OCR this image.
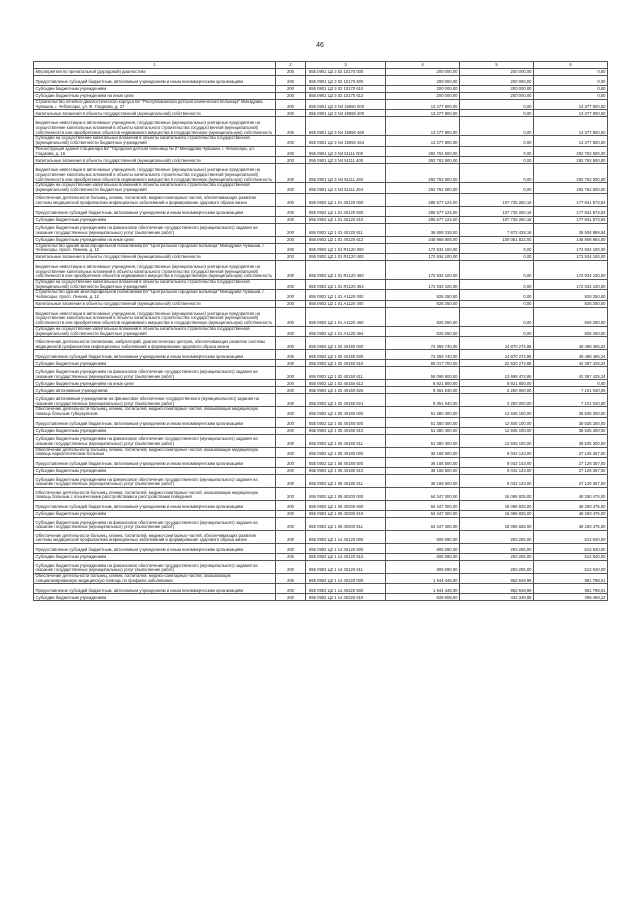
46
1	2	3	4	5	6
Мероприятия по пренатальной (дородовой) диагностике	200	855 0901 Ц2 3 02 10170 000	200 000,00	200 000,00	0,00
Предоставление субсидий бюджетным, автономным учреждениям и иным некоммерческим организациям	200	855 0901 Ц2 3 02 10170 600	200 000,00	200 000,00	0,00
Субсидии бюджетным учреждениям	200	855 0901 Ц2 3 02 10170 610	200 000,00	200 000,00	0,00
Субсидии бюджетным учреждениям на иные цели	200	855 0901 Ц2 3 02 10170 612	200 000,00	200 000,00	0,00
Строительство лечебно-диагностического корпуса БУ "Республиканская детская клиническая больница" Минздрава Чувашии, г. Чебоксары, ул. Ф. Гладкова, д. 27	200	855 0901 Ц2 3 N4 19650 000	13 377 800,00	0,00	13 377 800,00
Капитальные вложения в объекты государственной (муниципальной) собственности	200	855 0901 Ц2 3 N4 19650 400	13 377 800,00	0,00	13 377 800,00
Бюджетные инвестиции в автономные учреждения, государственные (муниципальные) унитарные предприятия на осуществление капитальных вложений в объекты капитального строительства государственной (муниципальной) собственности или приобретение объектов недвижимого имущества в государственную (муниципальную) собственность	200	855 0901 Ц2 3 N4 19650 460	13 377 800,00	0,00	13 377 800,00
Субсидии на осуществление капитальных вложений в объекты капитального строительства государственной (муниципальной) собственности бюджетных учреждений	200	855 0901 Ц2 3 N4 19650 464	13 377 800,00	0,00	13 377 800,00
Реконструкция здания стационара БУ "Городская детская больница № 2" Минздрава Чувашии, г. Чебоксары, ул. Гладкова, д. 16	200	855 0901 Ц2 3 N4 51111 000	292 762 500,00	0,00	292 762 500,00
Капитальные вложения в объекты государственной (муниципальной) собственности	200	855 0901 Ц2 3 N4 51111 400	292 762 500,00	0,00	292 762 500,00
Бюджетные инвестиции в автономные учреждения, государственные (муниципальные) унитарные предприятия на осуществление капитальных вложений в объекты капитального строительства государственной (муниципальной) собственности или приобретение объектов недвижимого имущества в государственную (муниципальную) собственность	200	855 0901 Ц2 3 N4 51111 460	292 762 500,00	0,00	292 762 500,00
Субсидии на осуществление капитальных вложений в объекты капитального строительства государственной (муниципальной) собственности бюджетных учреждений	200	855 0901 Ц2 3 N4 51111 464	292 762 500,00	0,00	292 762 500,00
Обеспечение деятельности больниц, клиник, госпиталей, медико-санитарных частей, обеспечивающих развитие системы медицинской профилактики инфекционных заболеваний и формирование здорового образа жизни	200	855 0902 Ц2 1 01 40120 000	285 577 124,00	107 735 250,16	177 841 873,84
Предоставление субсидий бюджетным, автономным учреждениям и иным некоммерческим организациям	200	855 0902 Ц2 1 01 40120 600	285 577 124,00	107 735 250,16	177 841 873,84
Субсидии бюджетным учреждениям	200	855 0902 Ц2 1 01 40120 610	285 577 124,00	107 735 250,16	177 841 873,84
Субсидии бюджетным учреждениям на финансовое обеспечение государственного (муниципального) задания на оказание государственных (муниципальных) услуг (выполнение работ)	200	855 0902 Ц2 1 01 40120 611	36 608 318,00	7 673 428,16	28 934 889,84
Субсидии бюджетным учреждениям на иные цели	200	855 0902 Ц2 1 01 40120 612	248 968 806,00	100 061 822,00	148 906 984,00
Строительство здания многопрофильной поликлиники БУ "Центральная городская больница" Минздрава Чувашии, г. Чебоксары, просп. Ленина, д. 12	200	855 0902 Ц2 1 01 R1120 000	172 934 100,00	0,00	172 934 100,00
Капитальные вложения в объекты государственной (муниципальной) собственности	200	855 0902 Ц2 1 01 R1120 400	172 934 100,00	0,00	172 934 100,00
Бюджетные инвестиции в автономные учреждения, государственные (муниципальные) унитарные предприятия на осуществление капитальных вложений в объекты капитального строительства государственной (муниципальной) собственности или приобретение объектов недвижимого имущества в государственную (муниципальную) собственность	200	855 0902 Ц2 1 01 R1120 460	172 934 100,00	0,00	172 934 100,00
Субсидии на осуществление капитальных вложений в объекты капитального строительства государственной (муниципальной) собственности бюджетных учреждений	200	855 0902 Ц2 1 01 R1120 464	172 934 100,00	0,00	172 934 100,00
Строительство здания многопрофильной поликлиники БУ "Центральная городская больница" Минздрава Чувашии, г. Чебоксары, просп. Ленина, д. 12	200	855 0902 Ц2 1 01 А1120 000	826 250,00	0,00	826 250,00
Капитальные вложения в объекты государственной (муниципальной) собственности	200	855 0902 Ц2 1 01 А1120 400	826 250,00	0,00	826 250,00
Бюджетные инвестиции в автономные учреждения, государственные (муниципальные) унитарные предприятия на осуществление капитальных вложений в объекты капитального строительства государственной (муниципальной) собственности или приобретение объектов недвижимого имущества в государственную (муниципальную) собственность	200	855 0902 Ц2 1 01 А1120 460	826 250,00	0,00	826 250,00
Субсидии на осуществление капитальных вложений в объекты капитального строительства государственной (муниципальной) собственности бюджетных учреждений	200	855 0902 Ц2 1 01 А1120 464	826 250,00	0,00	826 250,00
Обеспечение деятельности поликлиник, амбулаторий, диагностических центров, обеспечивающих развитие системы медицинской профилактики инфекционных заболеваний и формирование здорового образа жизни	200	855 0902 Ц2 1 02 40150 000	74 369 740,00	24 870 274,86	49 498 465,24
Предоставление субсидий бюджетным, автономным учреждениям и иным некоммерческим организациям	200	855 0902 Ц2 1 02 40150 600	74 369 740,00	24 870 274,86	49 498 465,24
Субсидии бюджетным учреждениям	200	855 0902 Ц2 1 02 40150 610	65 017 700,00	22 620 274,86	42 397 425,24
Субсидии бюджетным учреждениям на финансовое обеспечение государственного (муниципального) задания на оказание государственных (муниципальных) услуг (выполнение работ)	200	855 0902 Ц2 1 02 40150 611	56 096 900,00	13 698 474,86	42 397 425,24
Субсидии бюджетным учреждениям на иные цели	200	855 0902 Ц2 1 02 40150 612	8 921 800,00	8 921 800,00	0,00
Субсидии автономным учреждениям	200	855 0902 Ц2 1 02 40150 620	9 351 040,00	2 250 000,00	7 101 040,00
Субсидии автономным учреждениям на финансовое обеспечение государственного (муниципального) задания на оказание государственных (муниципальных) услуг (выполнение работ)	200	855 0902 Ц2 1 02 40150 621	9 351 040,00	2 250 000,00	7 101 040,00
Обеспечение деятельности больниц, клиник, госпиталей, медико-санитарных частей, оказывающих медицинскую помощь больным туберкулезом	200	855 0902 Ц2 1 05 40160 000	51 380 400,00	12 845 100,00	38 535 300,00
Предоставление субсидий бюджетным, автономным учреждениям и иным некоммерческим организациям	200	855 0902 Ц2 1 05 40160 600	51 380 400,00	12 845 100,00	38 535 300,00
Субсидии бюджетным учреждениям	200	855 0902 Ц2 1 05 40160 610	51 380 400,00	12 845 100,00	38 535 300,00
Субсидии бюджетным учреждениям на финансовое обеспечение государственного (муниципального) задания на оказание государственных (муниципальных) услуг (выполнение работ)	200	855 0902 Ц2 1 05 40160 611	51 380 400,00	12 845 100,00	38 535 300,00
Обеспечение деятельности больниц, клиник, госпиталей, медико-санитарных частей, оказывающих медицинскую помощь наркологическим больным	200	855 0902 Ц2 1 08 40180 000	36 168 500,00	9 042 143,00	27 126 357,00
Предоставление субсидий бюджетным, автономным учреждениям и иным некоммерческим организациям	200	855 0902 Ц2 1 08 40180 600	36 168 500,00	9 042 143,00	27 126 357,00
Субсидии бюджетным учреждениям	200	855 0902 Ц2 1 08 40180 610	36 168 500,00	9 042 143,00	27 126 357,00
Субсидии бюджетным учреждениям на финансовое обеспечение государственного (муниципального) задания на оказание государственных (муниципальных) услуг (выполнение работ)	200	855 0902 Ц2 1 08 40180 611	36 168 500,00	9 042 143,00	27 126 357,00
Обеспечение деятельности больниц, клиник, госпиталей, медико-санитарных частей, оказывающих медицинскую помощь больным с психическими расстройствами и расстройствами поведения	200	855 0902 Ц2 1 09 40200 000	64 347 300,00	16 086 825,00	48 260 475,00
Предоставление субсидий бюджетным, автономным учреждениям и иным некоммерческим организациям	200	855 0902 Ц2 1 09 40200 600	64 347 300,00	16 086 825,00	48 260 475,00
Субсидии бюджетным учреждениям	200	855 0902 Ц2 1 09 40200 610	64 347 300,00	16 086 825,00	48 260 475,00
Субсидии бюджетным учреждениям на финансовое обеспечение государственного (муниципального) задания на оказание государственных (муниципальных) услуг (выполнение работ)	200	855 0902 Ц2 1 09 40200 611	64 347 300,00	16 086 825,00	48 260 475,00
Обеспечение деятельности больниц, клиник, госпиталей, медико-санитарных частей, обеспечивающих развитие системы медицинской профилактики инфекционных заболеваний и формирование здорового образа жизни	200	855 0902 Ц2 1 14 40120 000	806 090,00	293 255,00	612 840,00
Предоставление субсидий бюджетным, автономным учреждениям и иным некоммерческим организациям	200	855 0902 Ц2 1 14 40120 600	806 090,00	293 255,00	612 840,00
Субсидии бюджетным учреждениям	200	855 0902 Ц2 1 14 40120 610	806 090,00	293 255,00	612 840,00
Субсидии бюджетным учреждениям на финансовое обеспечение государственного (муниципального) задания на оказание государственных (муниципальных) услуг (выполнение работ)	200	855 0902 Ц2 1 14 40120 611	806 090,00	293 255,00	612 840,00
Обеспечение деятельности больниц, клиник, госпиталей, медико-санитарных частей, оказывающих специализированную медицинскую помощь по профилю заболевания	200	855 0902 Ц2 1 14 40220 000	1 944 448,00	962 649,99	981 798,01
Предоставление субсидий бюджетным, автономным учреждениям и иным некоммерческим организациям	200	855 0902 Ц2 1 14 40220 600	1 944 448,00	962 649,99	981 798,01
Субсидии бюджетным учреждениям	200	855 0902 Ц2 1 14 40220 610	828 808,00	432 349,88	396 458,12
